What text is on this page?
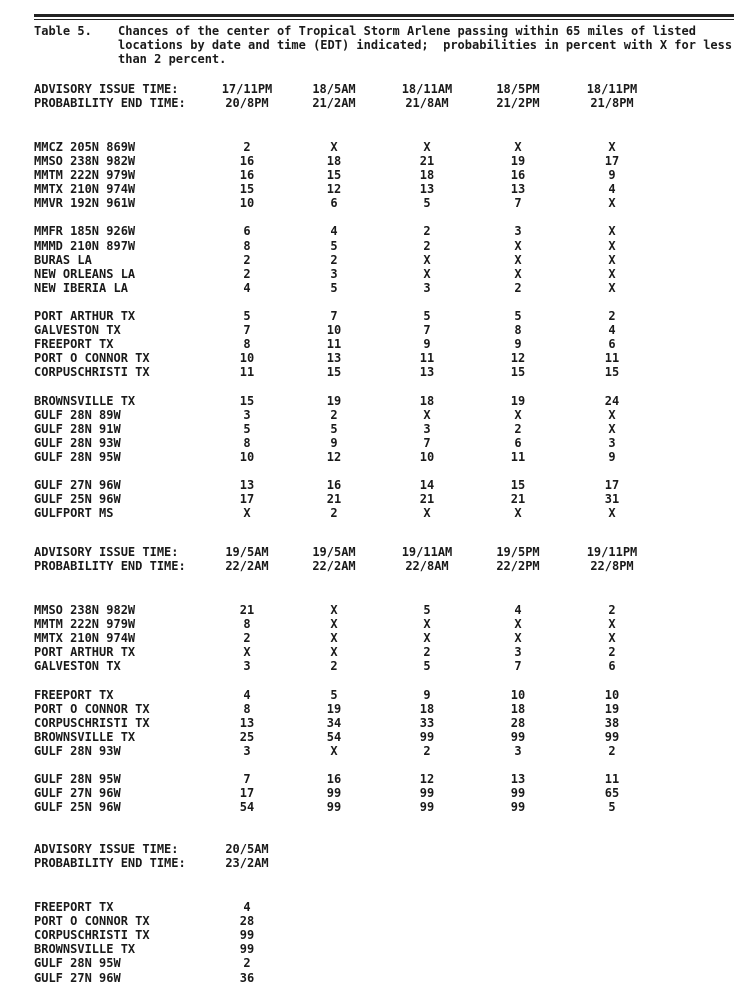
Table 5. Chances of the center of Tropical Storm Arlene passing within 65 miles of listed locations by date and time (EDT) indicated;  probabilities in percent with X for less than 2 percent.
ADVISORY ISSUE TIME:	17/11PM	18/5AM	18/11AM	18/5PM	18/11PM
PROBABILITY END TIME:	20/8PM	21/2AM	21/8AM	21/2PM	21/8PM
MMCZ 205N 869W	2	X	X	X	X
MMSO 238N 982W	16	18	21	19	17
MMTM 222N 979W	16	15	18	16	9
MMTX 210N 974W	15	12	13	13	4
MMVR 192N 961W	10	6	5	7	X
MMFR 185N 926W	6	4	2	3	X
MMMD 210N 897W	8	5	2	X	X
BURAS LA	2	2	X	X	X
NEW ORLEANS LA	2	3	X	X	X
NEW IBERIA LA	4	5	3	2	X
PORT ARTHUR TX	5	7	5	5	2
GALVESTON TX	7	10	7	8	4
FREEPORT TX	8	11	9	9	6
PORT O CONNOR TX	10	13	11	12	11
CORPUSCHRISTI TX	11	15	13	15	15
BROWNSVILLE TX	15	19	18	19	24
GULF 28N 89W	3	2	X	X	X
GULF 28N 91W	5	5	3	2	X
GULF 28N 93W	8	9	7	6	3
GULF 28N 95W	10	12	10	11	9
GULF 27N 96W	13	16	14	15	17
GULF 25N 96W	17	21	21	21	31
GULFPORT MS	X	2	X	X	X
ADVISORY ISSUE TIME:	19/5AM	19/5AM	19/11AM	19/5PM	19/11PM
PROBABILITY END TIME:	22/2AM	22/2AM	22/8AM	22/2PM	22/8PM
MMSO 238N 982W	21	X	5	4	2
MMTM 222N 979W	8	X	X	X	X
MMTX 210N 974W	2	X	X	X	X
PORT ARTHUR TX	X	X	2	3	2
GALVESTON TX	3	2	5	7	6
FREEPORT TX	4	5	9	10	10
PORT O CONNOR TX	8	19	18	18	19
CORPUSCHRISTI TX	13	34	33	28	38
BROWNSVILLE TX	25	54	99	99	99
GULF 28N 93W	3	X	2	3	2
GULF 28N 95W	7	16	12	13	11
GULF 27N 96W	17	99	99	99	65
GULF 25N 96W	54	99	99	99	5
ADVISORY ISSUE TIME:	20/5AM
PROBABILITY END TIME:	23/2AM
FREEPORT TX	4
PORT O CONNOR TX	28
CORPUSCHRISTI TX	99
BROWNSVILLE TX	99
GULF 28N 95W	2
GULF 27N 96W	36
